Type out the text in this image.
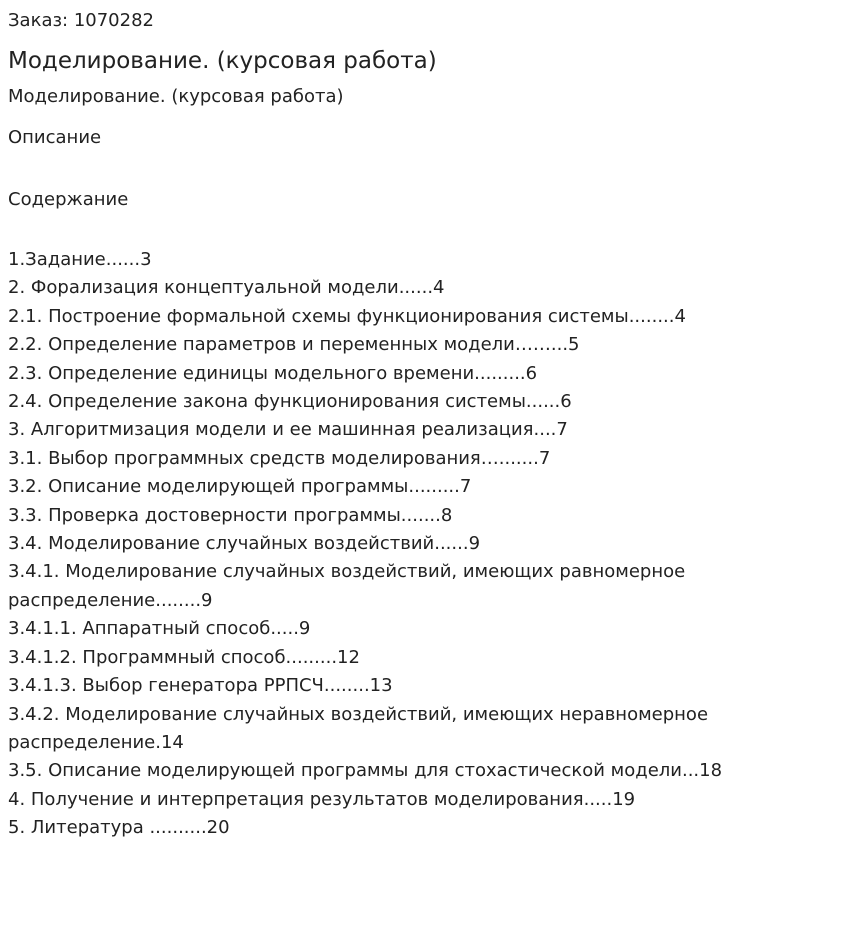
Заказ: 1070282

Моделирование. (курсовая работа)

Моделирование. (курсовая работа)

Описание

Содержание

1.Задание......3
2. Форализация концептуальной модели......4
2.1. Построение формальной схемы функционирования системы........4
2.2. Определение параметров и переменных модели……...5
2.3. Определение единицы модельного времени.........6
2.4. Определение закона функционирования системы......6
3. Алгоритмизация модели и ее машинная реализация....7
3.1. Выбор программных средств моделирования….......7
3.2. Описание моделирующей программы.........7
3.3. Проверка достоверности программы.......8
3.4. Моделирование случайных воздействий......9
3.4.1. Моделирование случайных воздействий, имеющих равномерное распределение........9
3.4.1.1. Аппаратный способ.....9
3.4.1.2. Программный способ.........12
3.4.1.3. Выбор генератора РРПСЧ........13
3.4.2. Моделирование случайных воздействий, имеющих неравномерное распределение.14
3.5. Описание моделирующей программы для стохастической модели...18
4. Получение и интерпретация результатов моделирования.....19
5. Литература ..........20
